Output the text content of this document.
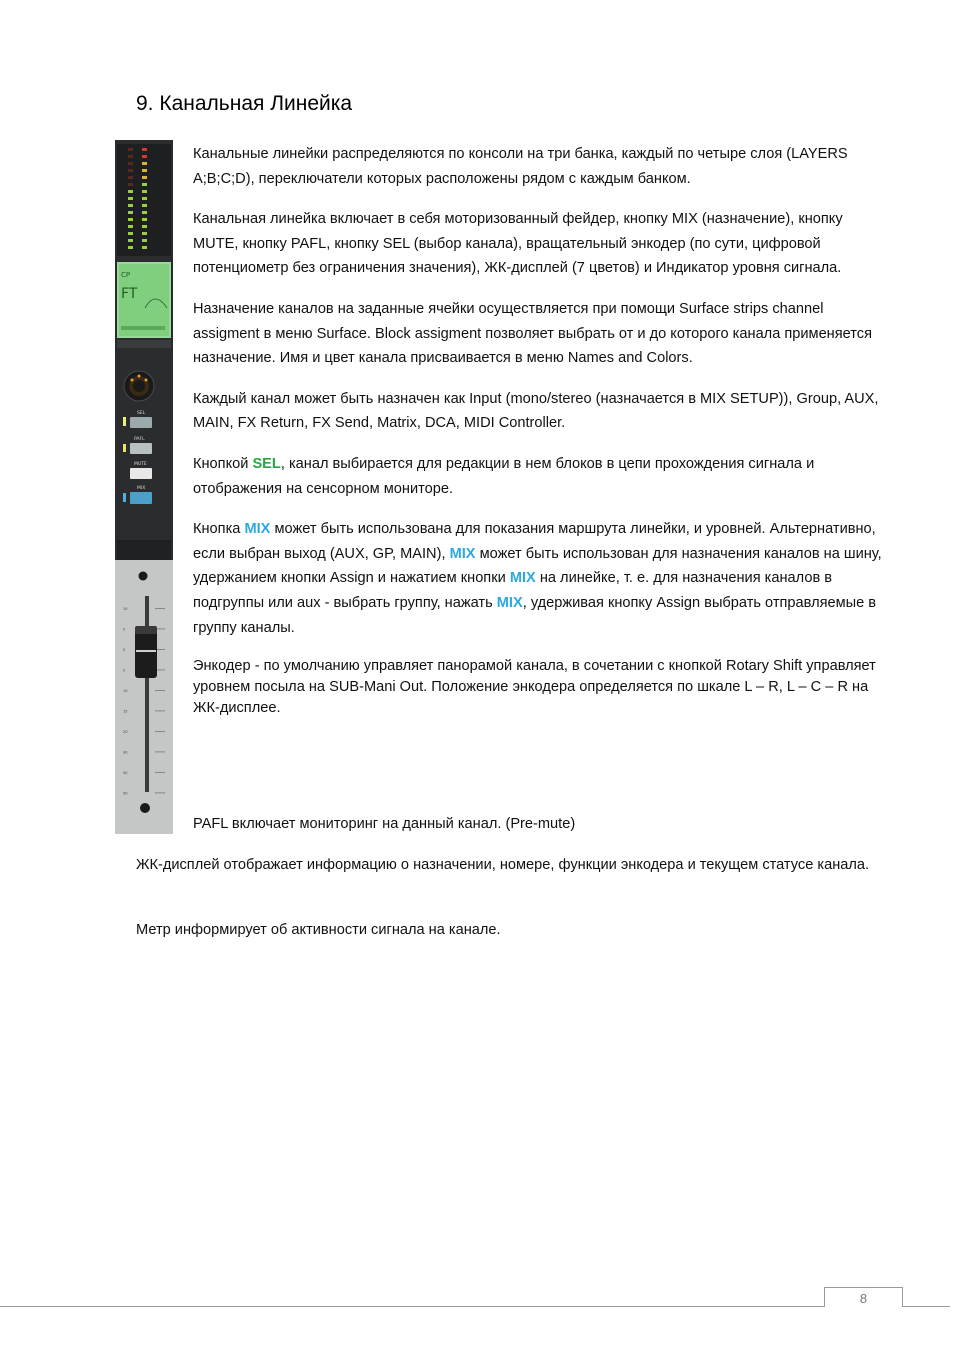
9. Канальная Линейка
CP
FT
SEL
PAFL
MUTE
MIX
10
5
0
5
10
15
20
30
40
50

Канальные линейки распределяются по консоли на три банка, каждый по четыре слоя (LAYERS A;B;C;D), переключатели которых расположены рядом с каждым банком.

Канальная линейка включает в себя моторизованный фейдер, кнопку MIX (назначение), кнопку MUTE, кнопку PAFL, кнопку SEL (выбор канала), вращательный энкодер (по сути, цифровой потенциометр без ограничения значения), ЖК-дисплей (7 цветов) и Индикатор уровня сигнала.

Назначение каналов на заданные ячейки осуществляется при помощи Surface strips channel assigment в меню Surface. Block assigment позволяет выбрать от и до которого канала применяется назначение. Имя и цвет канала присваивается в меню Names and Colors.

Каждый канал может быть назначен как Input (mono/stereo (назначается в MIX SETUP)), Group, AUX, MAIN, FX Return, FX Send, Matrix, DCA, MIDI Controller.

Кнопкой SEL, канал выбирается для редакции в нем блоков в цепи прохождения сигнала и отображения на сенсорном мониторе.

Кнопка MIX может быть использована для показания маршрута линейки, и уровней. Альтернативно, если выбран выход (AUX, GP, MAIN), MIX может быть использован для назначения каналов на шину, удержанием кнопки Assign и нажатием кнопки MIX на линейке, т. е. для назначения каналов в подгруппы или aux - выбрать группу, нажать MIX, удерживая кнопку Assign выбрать отправляемые в группу каналы.

Энкодер - по умолчанию управляет панорамой канала, в сочетании с кнопкой Rotary Shift управляет уровнем посыла на SUB-Mani Out. Положение энкодера определяется по шкале L – R, L – C – R на ЖК-дисплее.

PAFL включает мониторинг на данный канал. (Pre-mute)

ЖК-дисплей отображает информацию о назначении, номере, функции энкодера и текущем статусе канала.

Метр информирует об активности сигнала на канале.

8
